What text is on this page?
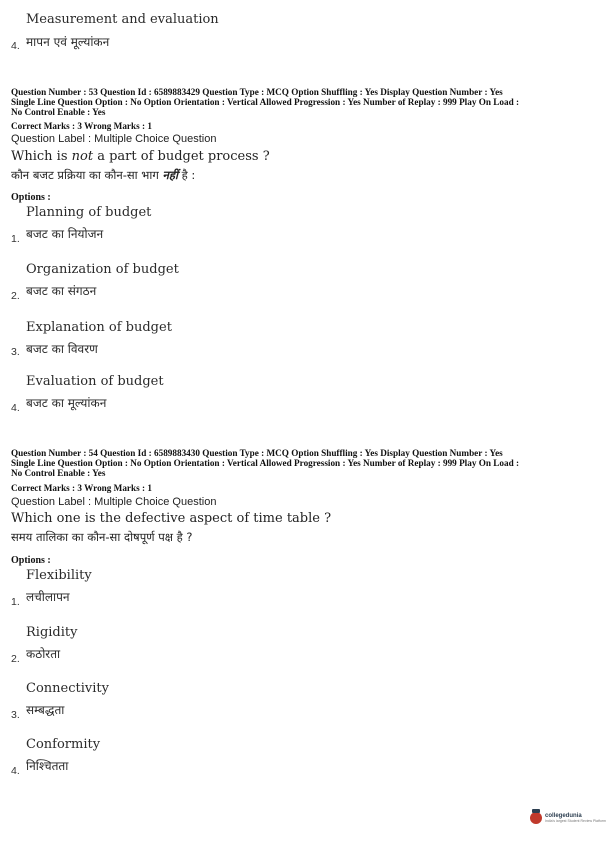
Measurement and evaluation
4. मापन एवं मूल्यांकन
Question Number : 53 Question Id : 6589883429 Question Type : MCQ Option Shuffling : Yes Display Question Number : Yes
Single Line Question Option : No Option Orientation : Vertical Allowed Progression : Yes Number of Replay : 999 Play On Load :
No Control Enable : Yes
Correct Marks : 3 Wrong Marks : 1
Question Label : Multiple Choice Question
Which is not a part of budget process ?
कौन बजट प्रक्रिया का कौन-सा भाग नहीं है :
Options :
Planning of budget
1. बजट का नियोजन
Organization of budget
2. बजट का संगठन
Explanation of budget
3. बजट का विवरण
Evaluation of budget
4. बजट का मूल्यांकन
Question Number : 54 Question Id : 6589883430 Question Type : MCQ Option Shuffling : Yes Display Question Number : Yes
Single Line Question Option : No Option Orientation : Vertical Allowed Progression : Yes Number of Replay : 999 Play On Load :
No Control Enable : Yes
Correct Marks : 3 Wrong Marks : 1
Question Label : Multiple Choice Question
Which one is the defective aspect of time table ?
समय तालिका का कौन-सा दोषपूर्ण पक्ष है ?
Options :
Flexibility
1. लचीलापन
Rigidity
2. कठोरता
Connectivity
3. सम्बद्धता
Conformity
4. निश्चितता
collegedunia
India's largest Student Review Platform
